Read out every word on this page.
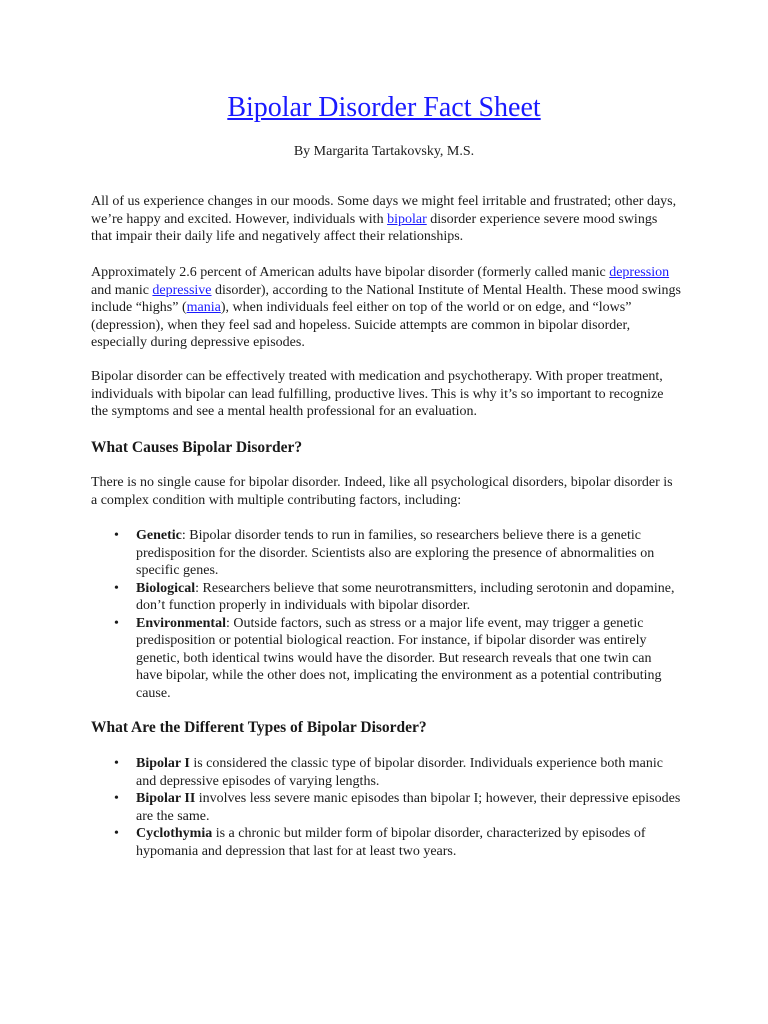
Bipolar Disorder Fact Sheet

By Margarita Tartakovsky, M.S.

All of us experience changes in our moods. Some days we might feel irritable and frustrated; other days, we’re happy and excited. However, individuals with bipolar disorder experience severe mood swings that impair their daily life and negatively affect their relationships.

Approximately 2.6 percent of American adults have bipolar disorder (formerly called manic depression and manic depressive disorder), according to the National Institute of Mental Health. These mood swings include “highs” (mania), when individuals feel either on top of the world or on edge, and “lows” (depression), when they feel sad and hopeless. Suicide attempts are common in bipolar disorder, especially during depressive episodes.

Bipolar disorder can be effectively treated with medication and psychotherapy. With proper treatment, individuals with bipolar can lead fulfilling, productive lives. This is why it’s so important to recognize the symptoms and see a mental health professional for an evaluation.

What Causes Bipolar Disorder?

There is no single cause for bipolar disorder. Indeed, like all psychological disorders, bipolar disorder is a complex condition with multiple contributing factors, including:

• Genetic: Bipolar disorder tends to run in families, so researchers believe there is a genetic predisposition for the disorder. Scientists also are exploring the presence of abnormalities on specific genes.
• Biological: Researchers believe that some neurotransmitters, including serotonin and dopamine, don’t function properly in individuals with bipolar disorder.
• Environmental: Outside factors, such as stress or a major life event, may trigger a genetic predisposition or potential biological reaction. For instance, if bipolar disorder was entirely genetic, both identical twins would have the disorder. But research reveals that one twin can have bipolar, while the other does not, implicating the environment as a potential contributing cause.
What Are the Different Types of Bipolar Disorder?
• Bipolar I is considered the classic type of bipolar disorder. Individuals experience both manic and depressive episodes of varying lengths.
• Bipolar II involves less severe manic episodes than bipolar I; however, their depressive episodes are the same.
• Cyclothymia is a chronic but milder form of bipolar disorder, characterized by episodes of hypomania and depression that last for at least two years.
